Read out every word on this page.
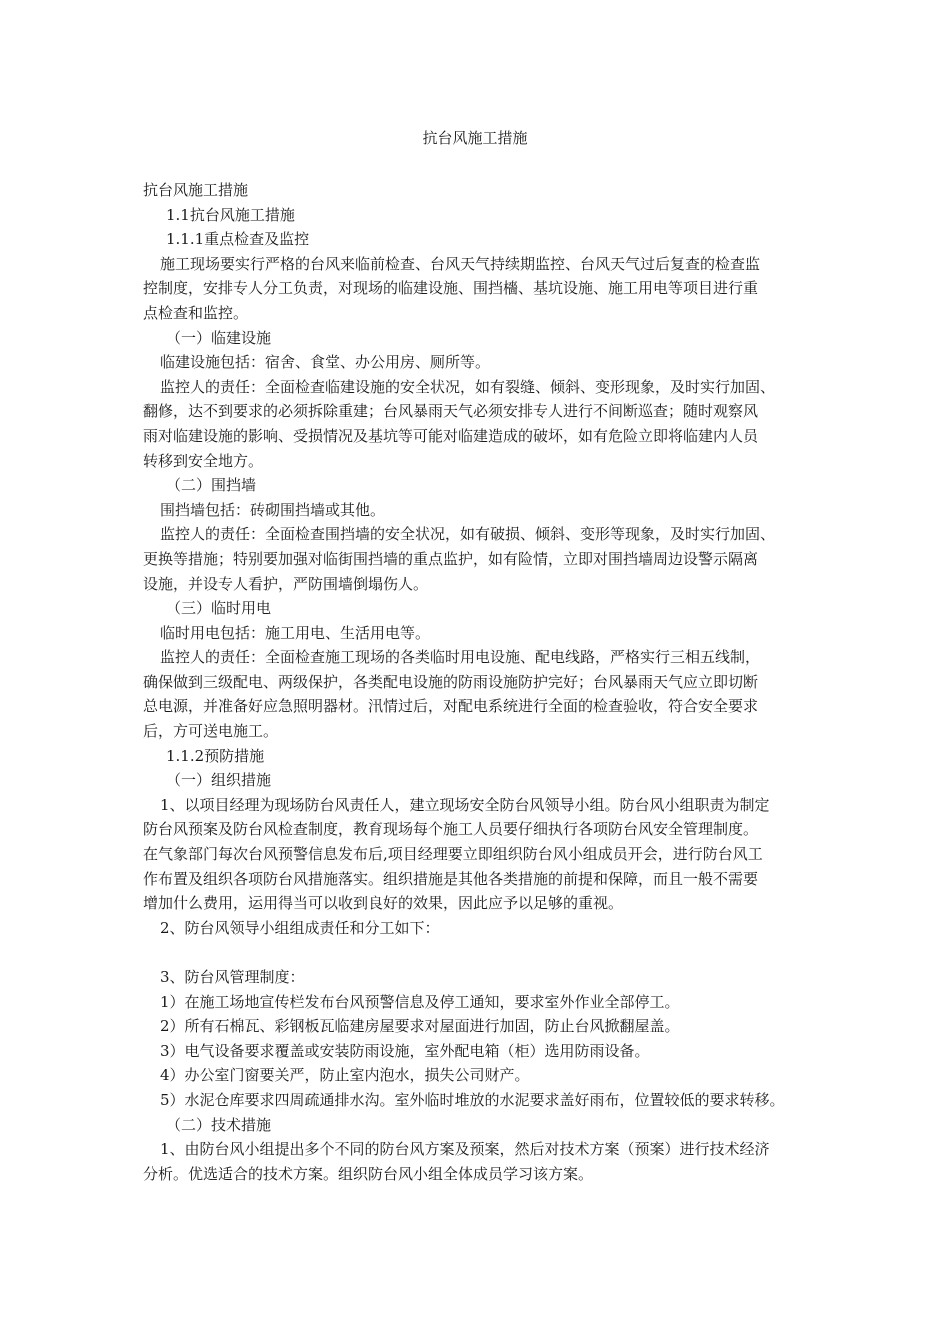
抗台风施工措施
抗台风施工措施
1.1抗台风施工措施
1.1.1重点检查及监控
施工现场要实行严格的台风来临前检查、台风天气持续期监控、台风天气过后复查的检查监
控制度，安排专人分工负责，对现场的临建设施、围挡檣、基坑设施、施工用电等项目进行重
点检查和监控。
（一）临建设施
临建设施包括：宿舍、食堂、办公用房、厕所等。
监控人的责任：全面检查临建设施的安全状况，如有裂缝、倾斜、变形现象，及时实行加固、
翻修，达不到要求的必须拆除重建；台风暴雨天气必须安排专人进行不间断巡查；随时观察风
雨对临建设施的影响、受损情况及基坑等可能对临建造成的破坏，如有危险立即将临建内人员
转移到安全地方。
（二）围挡墙
围挡墙包括：砖砌围挡墙或其他。
监控人的责任：全面检查围挡墙的安全状况，如有破损、倾斜、变形等现象，及时实行加固、
更换等措施；特别要加强对临街围挡墙的重点监护，如有险情，立即对围挡墙周边设警示隔离
设施，并设专人看护，严防围墙倒塌伤人。
（三）临时用电
临时用电包括：施工用电、生活用电等。
监控人的责任：全面检查施工现场的各类临时用电设施、配电线路，严格实行三相五线制，
确保做到三级配电、两级保护，各类配电设施的防雨设施防护完好；台风暴雨天气应立即切断
总电源，并准备好应急照明器材。汛情过后，对配电系统进行全面的检查验收，符合安全要求
后，方可送电施工。
1.1.2预防措施
（一）组织措施
1、以项目经理为现场防台风责任人，建立现场安全防台风领导小组。防台风小组职责为制定
防台风预案及防台风检查制度，教育现场每个施工人员要仔细执行各项防台风安全管理制度。
在气象部门每次台风预警信息发布后,项目经理要立即组织防台风小组成员开会，进行防台风工
作布置及组织各项防台风措施落实。组织措施是其他各类措施的前提和保障，而且一般不需要
增加什么费用，运用得当可以收到良好的效果，因此应予以足够的重视。
2、防台风领导小组组成责任和分工如下：
3、防台风管理制度：
1）在施工场地宣传栏发布台风预警信息及停工通知，要求室外作业全部停工。
2）所有石棉瓦、彩钢板瓦临建房屋要求对屋面进行加固，防止台风掀翻屋盖。
3）电气设备要求覆盖或安装防雨设施，室外配电箱（柜）选用防雨设备。
4）办公室门窗要关严，防止室内泡水，损失公司财产。
5）水泥仓库要求四周疏通排水沟。室外临时堆放的水泥要求盖好雨布，位置较低的要求转移。
（二）技术措施
1、由防台风小组提出多个不同的防台风方案及预案，然后对技术方案（预案）进行技术经济
分析。优选适合的技术方案。组织防台风小组全体成员学习该方案。
